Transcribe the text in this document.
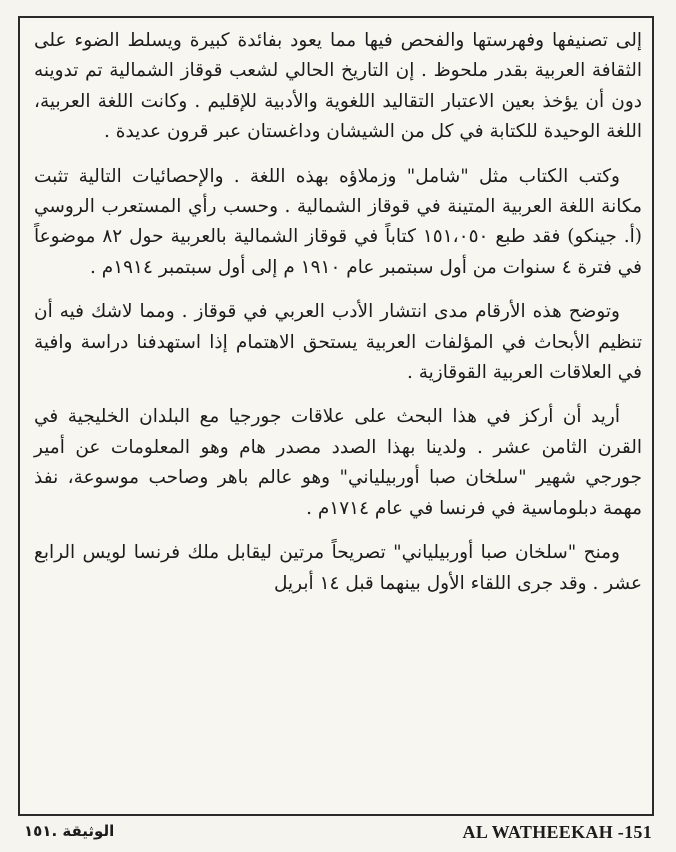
إلى تصنيفها وفهرستها والفحص فيها مما يعود بفائدة كبيرة ويسلط الضوء على الثقافة العربية بقدر ملحوظ . إن التاريخ الحالي لشعب قوقاز الشمالية تم تدوينه دون أن يؤخذ بعين الاعتبار التقاليد اللغوية والأدبية للإقليم . وكانت اللغة العربية، اللغة الوحيدة للكتابة في كل من الشيشان وداغستان عبر قرون عديدة .

وكتب الكتاب مثل "شامل" وزملاؤه بهذه اللغة . والإحصائيات التالية تثبت مكانة اللغة العربية المتينة في قوقاز الشمالية . وحسب رأي المستعرب الروسي (أ. جينكو) فقد طبع ١٥١،٠٥٠ كتاباً في قوقاز الشمالية بالعربية حول ٨٢ موضوعاً في فترة ٤ سنوات من أول سبتمبر عام ١٩١٠ م إلى أول سبتمبر ١٩١٤م .

وتوضح هذه الأرقام مدى انتشار الأدب العربي في قوقاز . ومما لاشك فيه أن تنظيم الأبحاث في المؤلفات العربية يستحق الاهتمام إذا استهدفنا دراسة وافية في العلاقات العربية القوقازية .

أريد أن أركز في هذا البحث على علاقات جورجيا مع البلدان الخليجية في القرن الثامن عشر . ولدينا بهذا الصدد مصدر هام وهو المعلومات عن أمير جورجي شهير "سلخان صبا أوربيلياني" وهو عالم باهر وصاحب موسوعة، نفذ مهمة دبلوماسية في فرنسا في عام ١٧١٤م .

ومنح "سلخان صبا أوربيلياني" تصريحاً مرتين ليقابل ملك فرنسا لويس الرابع عشر . وقد جرى اللقاء الأول بينهما قبل ١٤ أبريل

الوثيقة .١٥١	AL WATHEEKAH -151
